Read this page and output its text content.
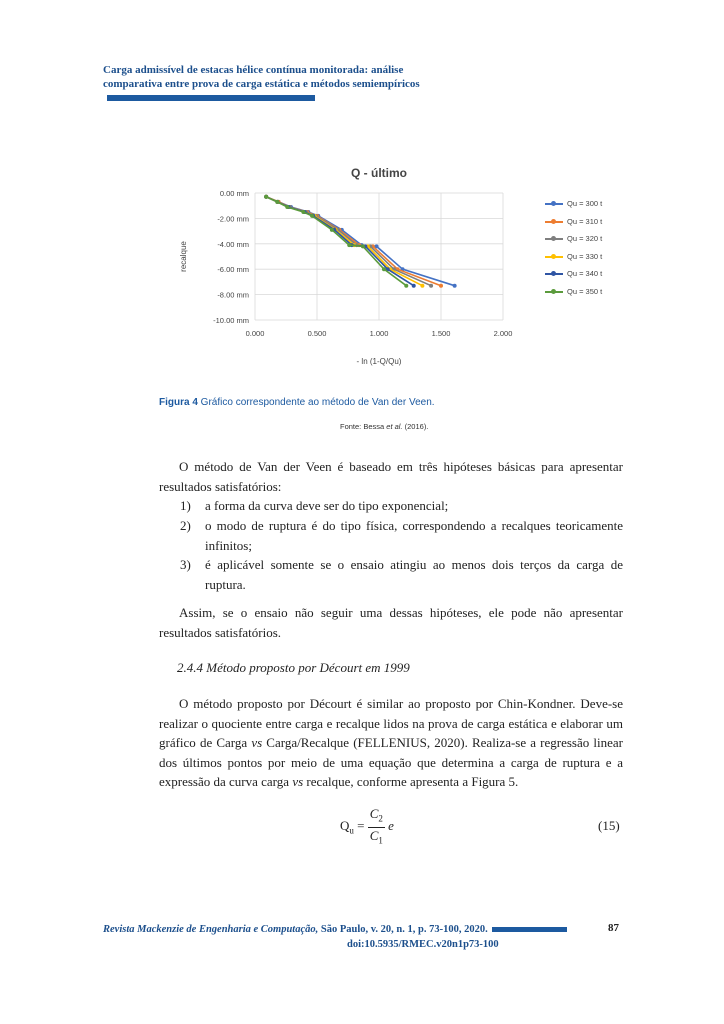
Carga admissível de estacas hélice contínua monitorada: análise
comparativa entre prova de carga estática e métodos semiempíricos
Q - último
0.00 mm
-2.00 mm
-4.00 mm
-6.00 mm
-8.00 mm
-10.00 mm
0.000	0.500	1.000	1.500	2.000
- ln (1-Q/Qu)
recalque
Figura 4 Gráfico correspondente ao método de Van der Veen.
Fonte: Bessa et al. (2016).
O método de Van der Veen é baseado em três hipóteses básicas para apresentar resultados satisfatórios:
1) a forma da curva deve ser do tipo exponencial;
2) o modo de ruptura é do tipo física, correspondendo a recalques teoricamente infinitos;
3) é aplicável somente se o ensaio atingiu ao menos dois terços da carga de ruptura.
Assim, se o ensaio não seguir uma dessas hipóteses, ele pode não apresentar resultados satisfatórios.
2.4.4 Método proposto por Décourt em 1999
O método proposto por Décourt é similar ao proposto por Chin-Kondner. Deve-se realizar o quociente entre carga e recalque lidos na prova de carga estática e elaborar um gráfico de Carga vs Carga/Recalque (FELLENIUS, 2020). Realiza-se a regressão linear dos últimos pontos por meio de uma equação que determina a carga de ruptura e a expressão da curva carga vs recalque, conforme apresenta a Figura 5.
$Q_u = \frac{C_2}{C_1}$ e	(15)
Revista Mackenzie de Engenharia e Computação, São Paulo, v. 20, n. 1, p. 73-100, 2020.
doi:10.5935/RMEC.v20n1p73-100
87
Qu = 300 t
Qu = 310 t
Qu = 320 t
Qu = 330 t
Qu = 340 t
Qu = 350 t
